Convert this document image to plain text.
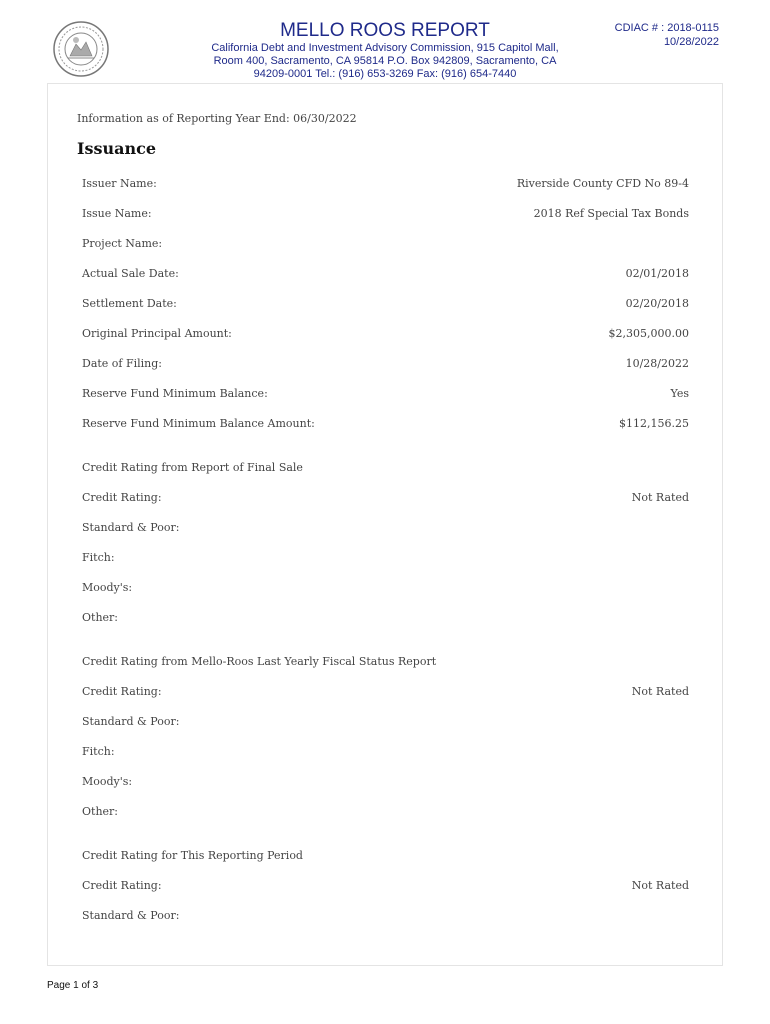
MELLO ROOS REPORT
California Debt and Investment Advisory Commission, 915 Capitol Mall,
Room 400, Sacramento, CA 95814 P.O. Box 942809, Sacramento, CA
94209-0001 Tel.: (916) 653-3269 Fax: (916) 654-7440
CDIAC # : 2018-0115
10/28/2022
Information as of Reporting Year End: 06/30/2022
Issuance
Issuer Name:	Riverside County CFD No 89-4
Issue Name:	2018 Ref Special Tax Bonds
Project Name:
Actual Sale Date:	02/01/2018
Settlement Date:	02/20/2018
Original Principal Amount:	$2,305,000.00
Date of Filing:	10/28/2022
Reserve Fund Minimum Balance:	Yes
Reserve Fund Minimum Balance Amount:	$112,156.25
Credit Rating from Report of Final Sale
Credit Rating:	Not Rated
Standard & Poor:
Fitch:
Moody's:
Other:
Credit Rating from Mello-Roos Last Yearly Fiscal Status Report
Credit Rating:	Not Rated
Standard & Poor:
Fitch:
Moody's:
Other:
Credit Rating for This Reporting Period
Credit Rating:	Not Rated
Standard & Poor:
Page 1 of 3
